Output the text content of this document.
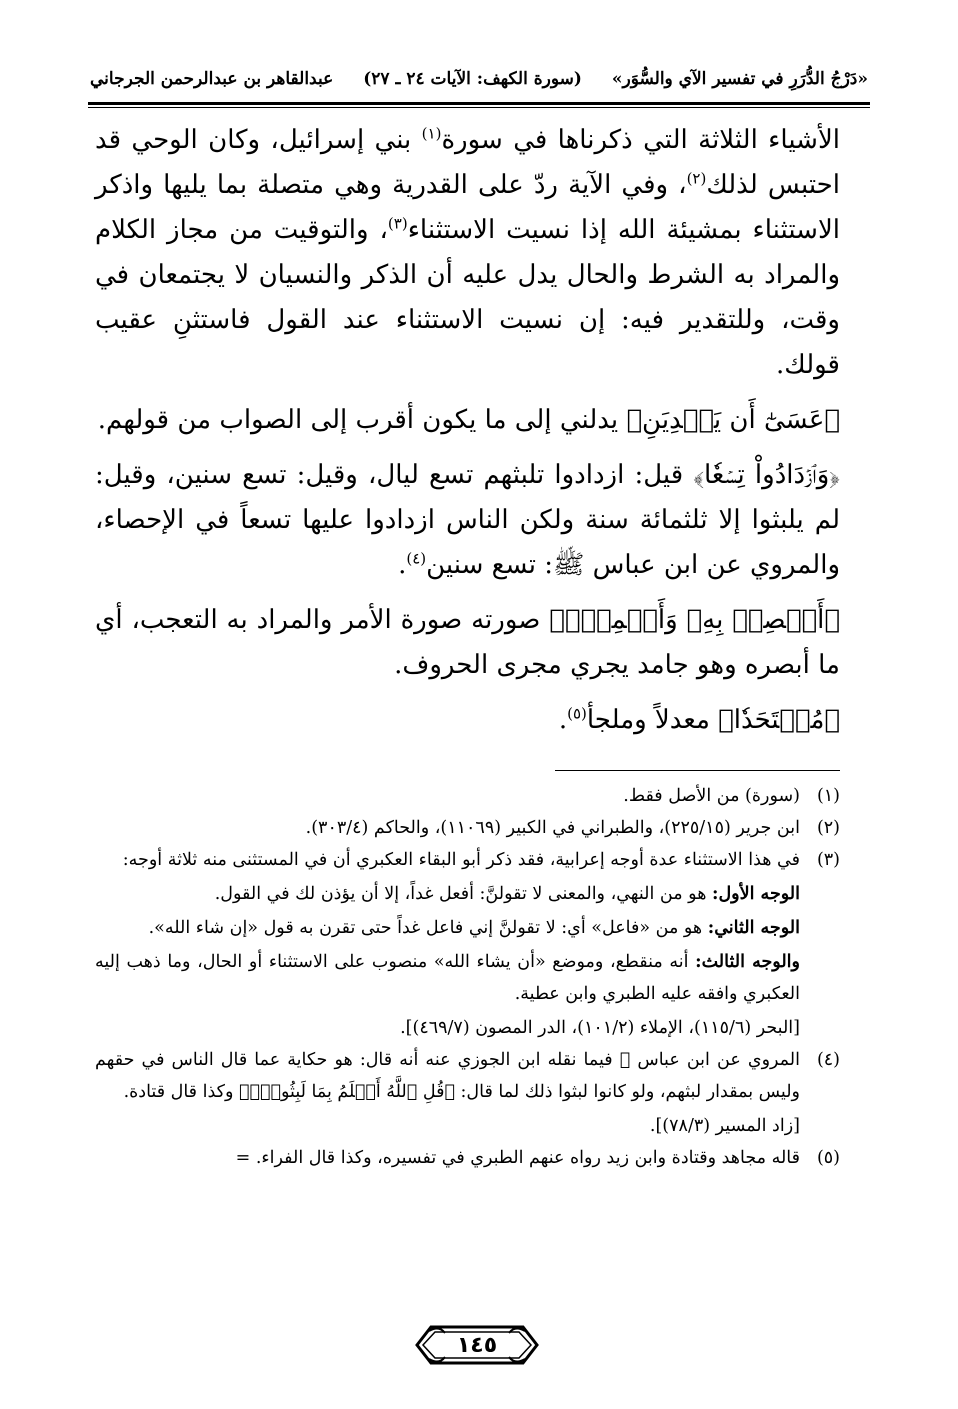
«دَرْجُ الدُّرَرِ في تفسير الآي والسُّوَر»
(سورة الكهف: الآيات ٢٤ ـ ٢٧)
عبدالقاهر بن عبدالرحمن الجرجاني

الأشياء الثلاثة التي ذكرناها في سورة$^{(١)}$ بني إسرائيل، وكان الوحي قد احتبس لذلك$^{(٢)}$، وفي الآية ردّ على القدرية وهي متصلة بما يليها واذكر الاستثناء بمشيئة الله إذا نسيت الاستثناء$^{(٣)}$، والتوقيت من مجاز الكلام والمراد به الشرط والحال يدل عليه أن الذكر والنسيان لا يجتمعان في وقت، وللتقدير فيه: إن نسيت الاستثناء عند القول فاستثنِ عقيب قولك.

﴿عَسَىٰٓ أَن يَهۡدِيَنِ﴾ يدلني إلى ما يكون أقرب إلى الصواب من قولهم.

﴿وَٱزۡدَادُواْ تِسۡعٗا﴾ قيل: ازدادوا تلبثهم تسع ليال، وقيل: تسع سنين، وقيل: لم يلبثوا إلا ثلثمائة سنة ولكن الناس ازدادوا عليها تسعاً في الإحصاء، والمروي عن ابن عباس ﷺ: تسع سنين$^{(٤)}$.

﴿أَبۡصِرۡ بِهِۦ وَأَسۡمِعۡۚ﴾ صورته صورة الأمر والمراد به التعجب، أي ما أبصره وهو جامد يجري مجرى الحروف.

﴿مُلۡتَحَدٗا﴾ معدلاً وملجأ$^{(٥)}$.

(١)
(سورة) من الأصل فقط.
(٢)
ابن جرير (٢٢٥/١٥)، والطبراني في الكبير (١١٠٦٩)، والحاكم (٣٠٣/٤).
(٣)
في هذا الاستثناء عدة أوجه إعرابية، فقد ذكر أبو البقاء العكبري أن في المستثنى منه ثلاثة أوجه:
الوجه الأول: هو من النهي، والمعنى لا تقولنَّ: أفعل غداً، إلا أن يؤذن لك في القول.
الوجه الثاني: هو من «فاعل» أي: لا تقولنَّ إني فاعل غداً حتى تقرن به قول «إن شاء الله».
والوجه الثالث: أنه منقطع، وموضع «أن يشاء الله» منصوب على الاستثناء أو الحال، وما ذهب إليه العكبري وافقه عليه الطبري وابن عطية.
[البحر (١١٥/٦)، الإملاء (١٠١/٢)، الدر المصون (٤٦٩/٧)].
(٤)
المروي عن ابن عباس ﷺ فيما نقله ابن الجوزي عنه أنه قال: هو حكاية عما قال الناس في حقهم وليس بمقدار لبثهم، ولو كانوا لبثوا ذلك لما قال: ﴿قُلِ ٱللَّهُ أَعۡلَمُ بِمَا لَبِثُواْۖ﴾ وكذا قال قتادة.
[زاد المسير (٧٨/٣)].
(٥)
قاله مجاهد وقتادة وابن زيد رواه عنهم الطبري في تفسيره، وكذا قال الفراء. =
١٤٥
